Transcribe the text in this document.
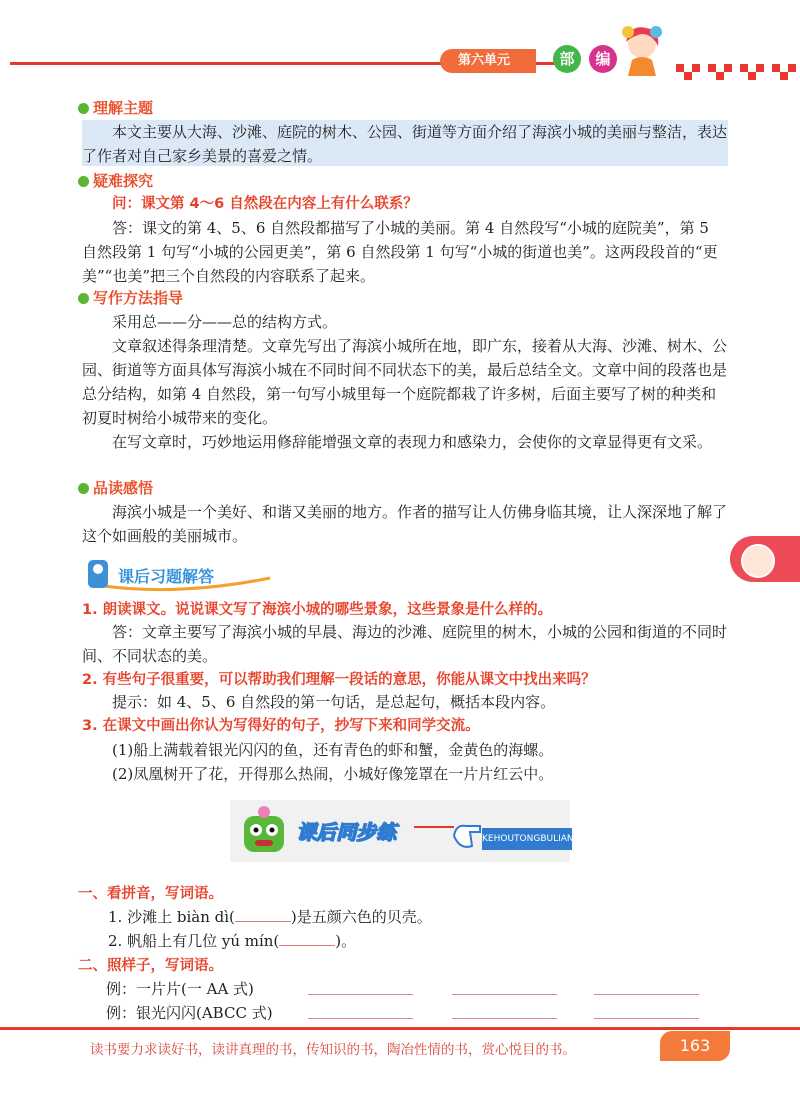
第六单元	部	编
理解主题
本文主要从大海、沙滩、庭院的树木、公园、街道等方面介绍了海滨小城的美丽与整洁，表达了作者对自己家乡美景的喜爱之情。
疑难探究
问：课文第 4～6 自然段在内容上有什么联系？
答：课文的第 4、5、6 自然段都描写了小城的美丽。第 4 自然段写“小城的庭院美”，第 5 自然段第 1 句写“小城的公园更美”，第 6 自然段第 1 句写“小城的街道也美”。这两段段首的“更美”“也美”把三个自然段的内容联系了起来。
写作方法指导
采用总——分——总的结构方式。
文章叙述得条理清楚。文章先写出了海滨小城所在地，即广东，接着从大海、沙滩、树木、公园、街道等方面具体写海滨小城在不同时间不同状态下的美，最后总结全文。文章中间的段落也是总分结构，如第 4 自然段，第一句写小城里每一个庭院都栽了许多树，后面主要写了树的种类和初夏时树给小城带来的变化。
在写文章时，巧妙地运用修辞能增强文章的表现力和感染力，会使你的文章显得更有文采。
品读感悟
海滨小城是一个美好、和谐又美丽的地方。作者的描写让人仿佛身临其境，让人深深地了解了这个如画般的美丽城市。
课后习题解答
1. 朗读课文。说说课文写了海滨小城的哪些景象，这些景象是什么样的。
答：文章主要写了海滨小城的早晨、海边的沙滩、庭院里的树木，小城的公园和街道的不同时间、不同状态的美。
2. 有些句子很重要，可以帮助我们理解一段话的意思，你能从课文中找出来吗？
提示：如 4、5、6 自然段的第一句话，是总起句，概括本段内容。
3. 在课文中画出你认为写得好的句子，抄写下来和同学交流。
(1)船上满载着银光闪闪的鱼，还有青色的虾和蟹，金黄色的海螺。
(2)凤凰树开了花，开得那么热闹，小城好像笼罩在一片片红云中。
课后同步练	KEHOUTONGBULIAN
一、看拼音，写词语。
1. 沙滩上 biàn dì(	)是五颜六色的贝壳。
2. 帆船上有几位 yú mín(	)。
二、照样子，写词语。
例：一片片(一 AA 式)
例：银光闪闪(ABCC 式)
读书要力求读好书，读讲真理的书，传知识的书，陶冶性情的书，赏心悦目的书。	163
